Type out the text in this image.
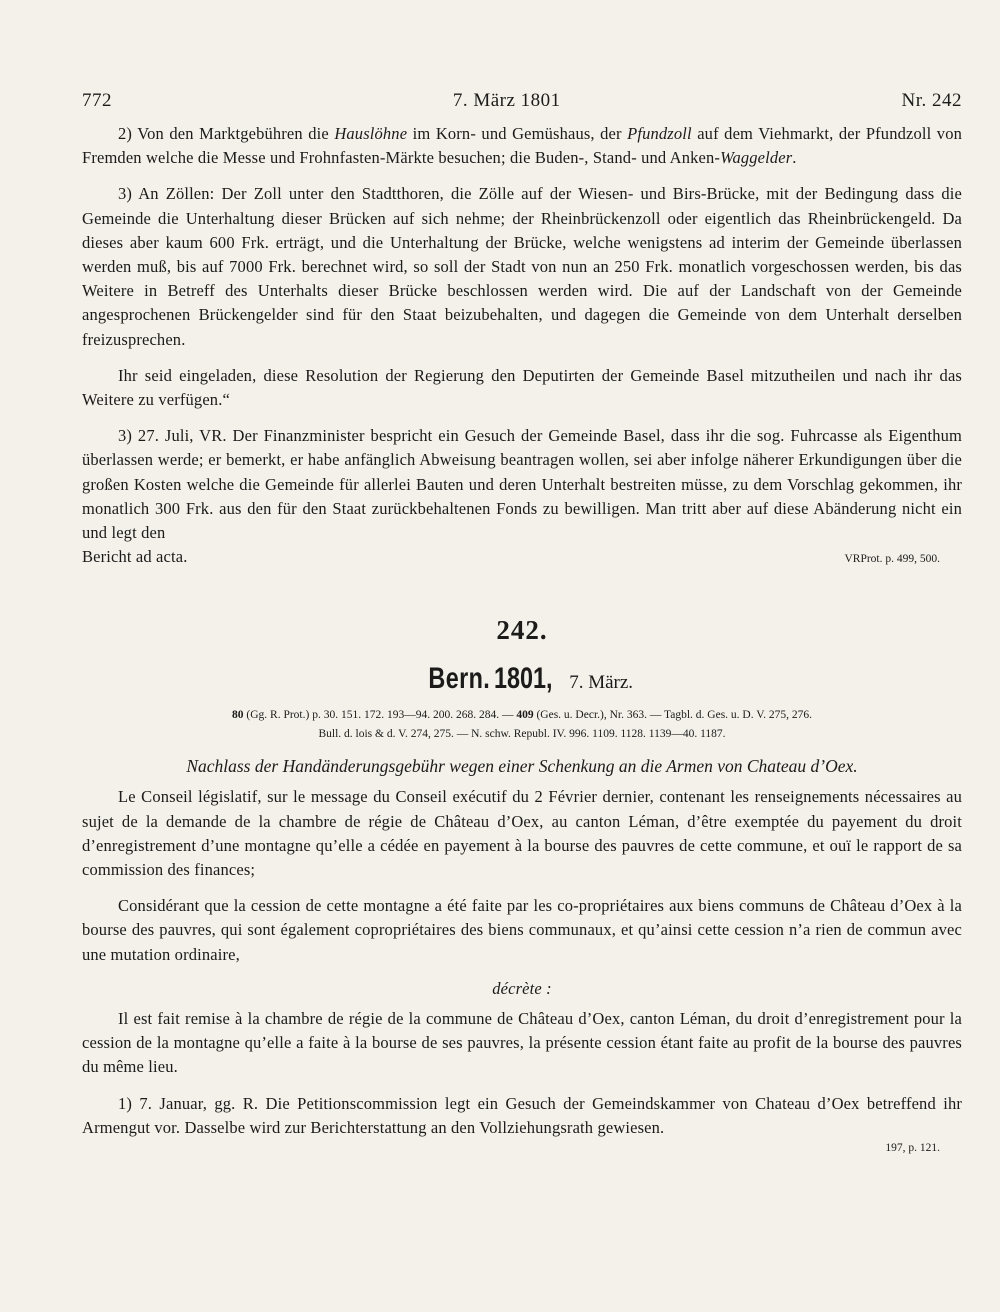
772	7. März 1801	Nr. 242

2) Von den Marktgebühren die Hauslöhne im Korn- und Gemüshaus, der Pfundzoll auf dem Viehmarkt, der Pfundzoll von Fremden welche die Messe und Frohnfasten-Märkte besuchen; die Buden-, Stand- und Anken-Waggelder.

3) An Zöllen: Der Zoll unter den Stadtthoren, die Zölle auf der Wiesen- und Birs-Brücke, mit der Bedingung dass die Gemeinde die Unterhaltung dieser Brücken auf sich nehme; der Rheinbrückenzoll oder eigentlich das Rheinbrückengeld. Da dieses aber kaum 600 Frk. erträgt, und die Unterhaltung der Brücke, welche wenigstens ad interim der Gemeinde überlassen werden muß, bis auf 7000 Frk. berechnet wird, so soll der Stadt von nun an 250 Frk. monatlich vorgeschossen werden, bis das Weitere in Betreff des Unterhalts dieser Brücke beschlossen werden wird. Die auf der Landschaft von der Gemeinde angesprochenen Brückengelder sind für den Staat beizubehalten, und dagegen die Gemeinde von dem Unterhalt derselben freizusprechen.

Ihr seid eingeladen, diese Resolution der Regierung den Deputirten der Gemeinde Basel mitzutheilen und nach ihr das Weitere zu verfügen.“

3) 27. Juli, VR. Der Finanzminister bespricht ein Gesuch der Gemeinde Basel, dass ihr die sog. Fuhrcasse als Eigenthum überlassen werde; er bemerkt, er habe anfänglich Abweisung beantragen wollen, sei aber infolge näherer Erkundigungen über die großen Kosten welche die Gemeinde für allerlei Bauten und deren Unterhalt bestreiten müsse, zu dem Vorschlag gekommen, ihr monatlich 300 Frk. aus den für den Staat zurückbehaltenen Fonds zu bewilligen. Man tritt aber auf diese Abänderung nicht ein und legt den

Bericht ad acta.	VRProt. p. 499, 500.
242.
Bern. 1801, 7. März.
80 (Gg. R. Prot.) p. 30. 151. 172. 193—94. 200. 268. 284. — 409 (Ges. u. Decr.), Nr. 363. — Tagbl. d. Ges. u. D. V. 275, 276.
Bull. d. lois & d. V. 274, 275. — N. schw. Republ. IV. 996. 1109. 1128. 1139—40. 1187.
Nachlass der Handänderungsgebühr wegen einer Schenkung an die Armen von Chateau d’Oex.

Le Conseil législatif, sur le message du Conseil exécutif du 2 Février dernier, contenant les renseignements nécessaires au sujet de la demande de la chambre de régie de Château d’Oex, au canton Léman, d’être exemptée du payement du droit d’enregistrement d’une montagne qu’elle a cédée en payement à la bourse des pauvres de cette commune, et ouï le rapport de sa commission des finances;

Considérant que la cession de cette montagne a été faite par les co-propriétaires aux biens communs de Château d’Oex à la bourse des pauvres, qui sont également copropriétaires des biens communaux, et qu’ainsi cette cession n’a rien de commun avec une mutation ordinaire,

décrète :

Il est fait remise à la chambre de régie de la commune de Château d’Oex, canton Léman, du droit d’enregistrement pour la cession de la montagne qu’elle a faite à la bourse de ses pauvres, la présente cession étant faite au profit de la bourse des pauvres du même lieu.

1) 7. Januar, gg. R. Die Petitionscommission legt ein Gesuch der Gemeindskammer von Chateau d’Oex betreffend ihr Armengut vor. Dasselbe wird zur Berichterstattung an den Vollziehungsrath gewiesen.

197, p. 121.
